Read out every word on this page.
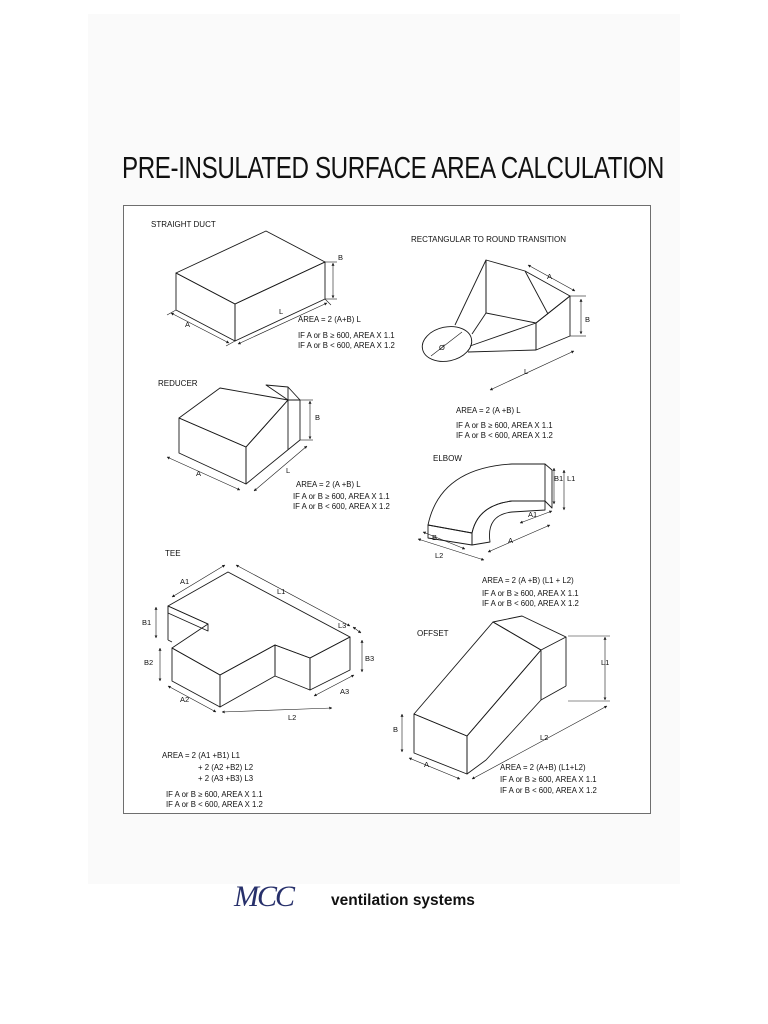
PRE-INSULATED SURFACE AREA CALCULATION
STRAIGHT DUCT
B
A
L
AREA = 2 (A+B) L
IF A or B ≥ 600, AREA X 1.1
IF A or B < 600, AREA X 1.2
RECTANGULAR TO ROUND TRANSITION
A
B
L
Ø
AREA = 2 (A +B) L
IF A or B ≥ 600, AREA X 1.1
IF A or B < 600, AREA X 1.2
REDUCER
B
A	L
AREA = 2 (A +B) L
IF A or B ≥ 600, AREA X 1.1
IF A or B < 600, AREA X 1.2
ELBOW
B1 L1
A1
A
B
L2
AREA = 2 (A +B) (L1 + L2)
IF A or B ≥ 600, AREA X 1.1
IF A or B < 600, AREA X 1.2
TEE
A1
B1
L1
L3
B2	B3
A2
A3
L2
AREA = 2 (A1 +B1) L1
+ 2 (A2 +B2) L2
+ 2 (A3 +B3) L3
IF A or B ≥ 600, AREA X 1.1
IF A or B < 600, AREA X 1.2
OFFSET
L1
B
A
L2
AREA = 2 (A+B) (L1+L2)
IF A or B ≥ 600, AREA X 1.1
IF A or B < 600, AREA X 1.2
MCC ventilation systems
